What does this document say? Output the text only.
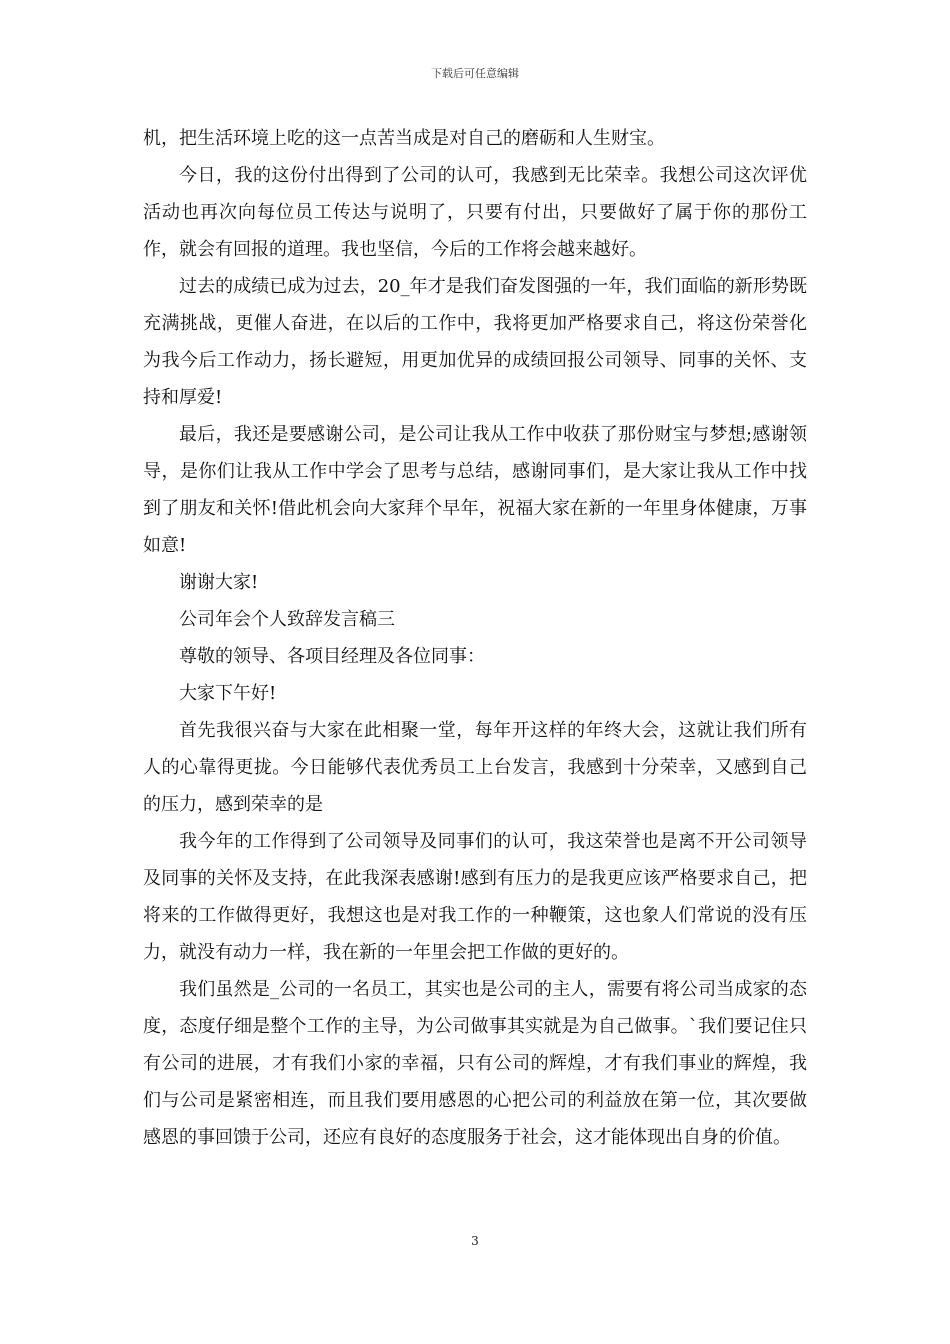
下载后可任意编辑

机，把生活环境上吃的这一点苦当成是对自己的磨砺和人生财宝。

今日，我的这份付出得到了公司的认可，我感到无比荣幸。我想公司这次评优活动也再次向每位员工传达与说明了，只要有付出，只要做好了属于你的那份工作，就会有回报的道理。我也坚信，今后的工作将会越来越好。

过去的成绩已成为过去，20_年才是我们奋发图强的一年，我们面临的新形势既充满挑战，更催人奋进，在以后的工作中，我将更加严格要求自己，将这份荣誉化为我今后工作动力，扬长避短，用更加优异的成绩回报公司领导、同事的关怀、支持和厚爱!

最后，我还是要感谢公司，是公司让我从工作中收获了那份财宝与梦想;感谢领导，是你们让我从工作中学会了思考与总结，感谢同事们，是大家让我从工作中找到了朋友和关怀!借此机会向大家拜个早年，祝福大家在新的一年里身体健康，万事如意!

谢谢大家!

公司年会个人致辞发言稿三

尊敬的领导、各项目经理及各位同事：

大家下午好!

首先我很兴奋与大家在此相聚一堂，每年开这样的年终大会，这就让我们所有人的心靠得更拢。今日能够代表优秀员工上台发言，我感到十分荣幸，又感到自己的压力，感到荣幸的是

我今年的工作得到了公司领导及同事们的认可，我这荣誉也是离不开公司领导及同事的关怀及支持，在此我深表感谢!感到有压力的是我更应该严格要求自己，把将来的工作做得更好，我想这也是对我工作的一种鞭策，这也象人们常说的没有压力，就没有动力一样，我在新的一年里会把工作做的更好的。

我们虽然是_公司的一名员工，其实也是公司的主人，需要有将公司当成家的态度，态度仔细是整个工作的主导，为公司做事其实就是为自己做事。`我们要记住只有公司的进展，才有我们小家的幸福，只有公司的辉煌，才有我们事业的辉煌，我们与公司是紧密相连，而且我们要用感恩的心把公司的利益放在第一位，其次要做感恩的事回馈于公司，还应有良好的态度服务于社会，这才能体现出自身的价值。

3
